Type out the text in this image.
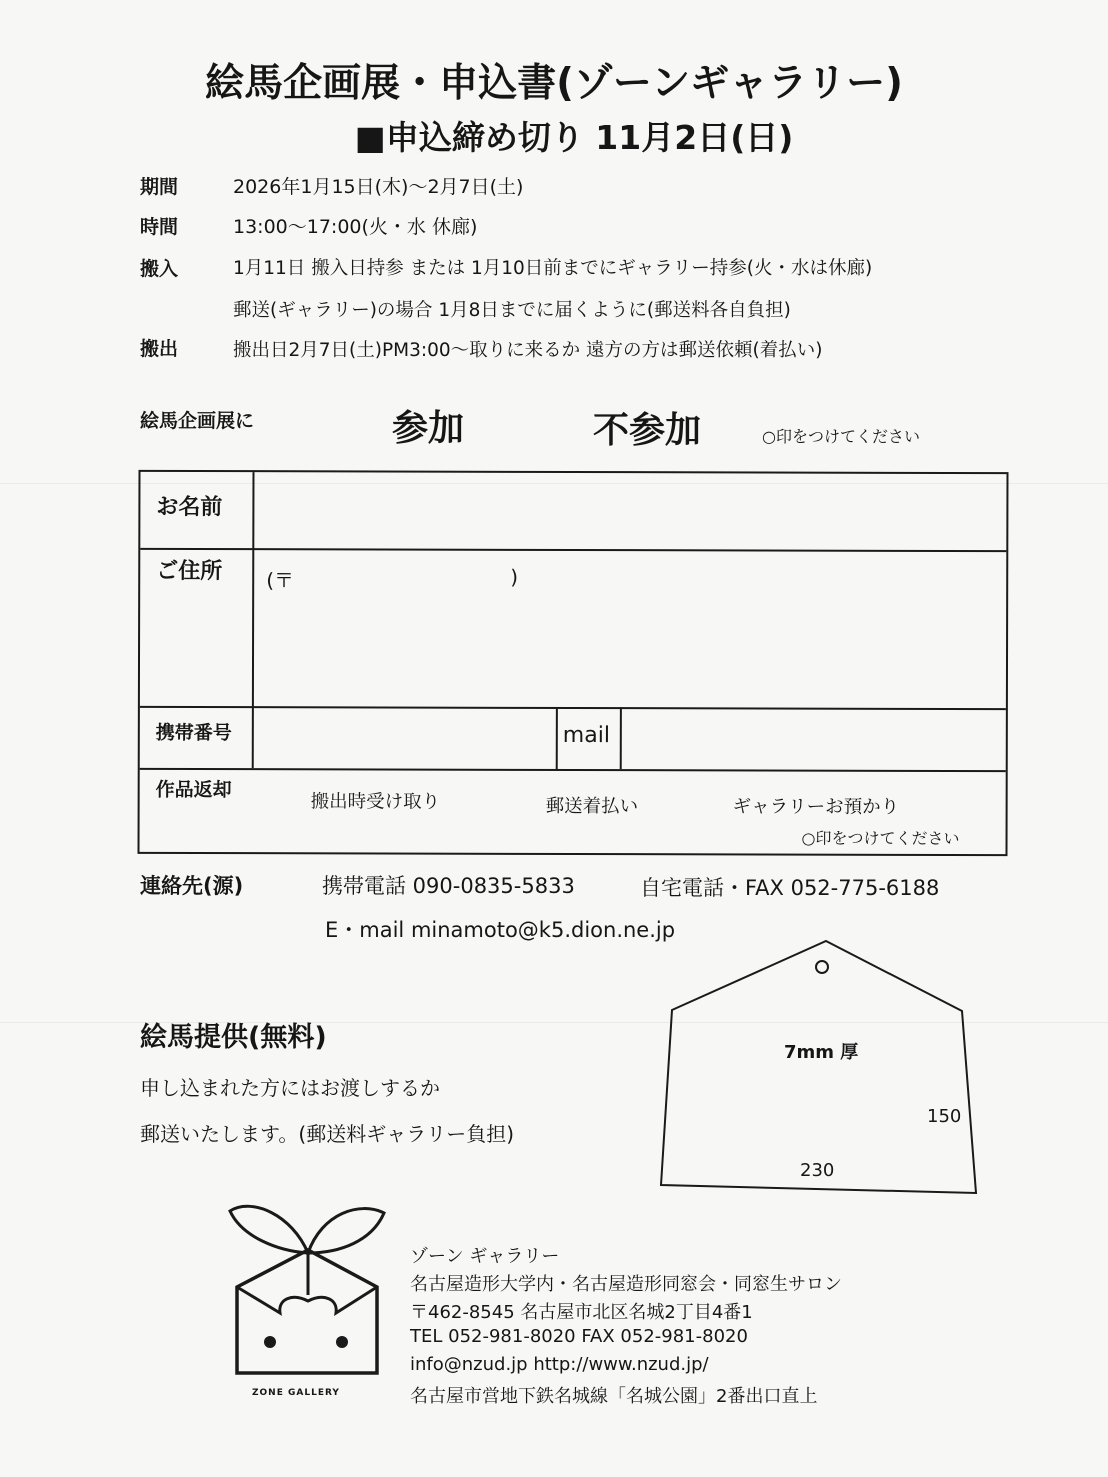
絵馬企画展・申込書(ゾーンギャラリー)
■申込締め切り 11月2日(日)
期間	2026年1月15日(木)〜2月7日(土)
時間	13:00〜17:00(火・水 休廊)
搬入	1月11日 搬入日持参 または 1月10日前までにギャラリー持参(火・水は休廊)
郵送(ギャラリー)の場合 1月8日までに届くように(郵送料各自負担)
搬出	搬出日2月7日(土)PM3:00〜取りに来るか 遠方の方は郵送依頼(着払い)
絵馬企画展に	参加	不参加	○印をつけてください
お名前
ご住所 (〒	)
携帯番号	mail
作品返却
搬出時受け取り	郵送着払い	ギャラリーお預かり
○印をつけてください
連絡先(源)	携帯電話 090-0835-5833	自宅電話・FAX 052-775-6188
E・mail minamoto@k5.dion.ne.jp
絵馬提供(無料)
申し込まれた方にはお渡しするか
郵送いたします。(郵送料ギャラリー負担)
7mm 厚
150
230
ZONE GALLERY
ゾーン ギャラリー
名古屋造形大学内・名古屋造形同窓会・同窓生サロン
〒462-8545 名古屋市北区名城2丁目4番1
TEL 052-981-8020 FAX 052-981-8020
info@nzud.jp http://www.nzud.jp/
名古屋市営地下鉄名城線「名城公園」2番出口直上
